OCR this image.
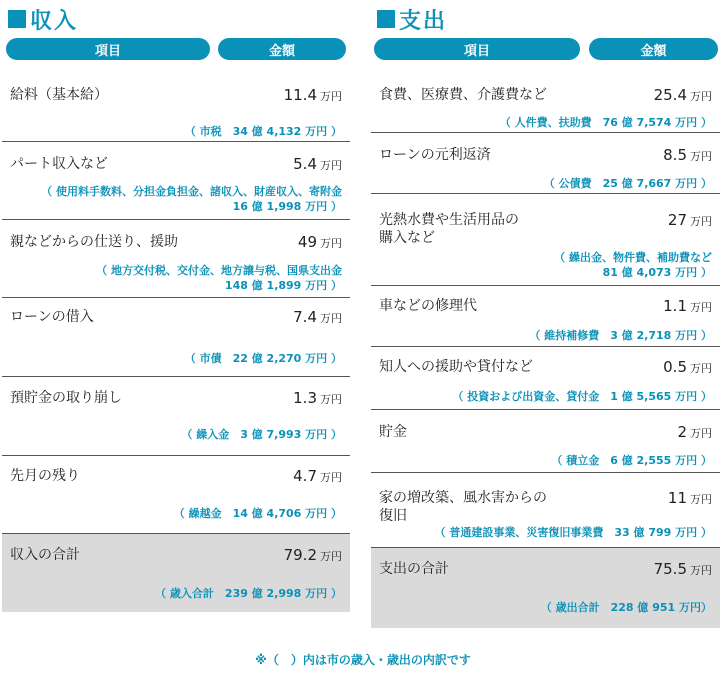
収入
項目	金額
給料（基本給）	11.4 万円
（ 市税　34 億 4,132 万円 ）
パート収入など	5.4 万円
（ 使用料手数料、分担金負担金、諸収入、財産収入、寄附金
16 億 1,998 万円 ）
親などからの仕送り、援助	49 万円
（ 地方交付税、交付金、地方譲与税、国県支出金
148 億 1,899 万円 ）
ローンの借入	7.4 万円
（ 市債　22 億 2,270 万円 ）
預貯金の取り崩し	1.3 万円
（ 繰入金　3 億 7,993 万円 ）
先月の残り	4.7 万円
（ 繰越金　14 億 4,706 万円 ）
収入の合計	79.2 万円
（ 歳入合計　239 億 2,998 万円 ）
支出
項目	金額
食費、医療費、介護費など	25.4 万円
（ 人件費、扶助費　76 億 7,574 万円 ）
ローンの元利返済	8.5 万円
（ 公債費　25 億 7,667 万円 ）
光熱水費や生活用品の
購入など
27 万円
（ 繰出金、物件費、補助費など
81 億 4,073 万円 ）
車などの修理代	1.1 万円
（ 維持補修費　3 億 2,718 万円 ）
知人への援助や貸付など	0.5 万円
（ 投資および出資金、貸付金　1 億 5,565 万円 ）
貯金	2 万円
（ 積立金　6 億 2,555 万円 ）
家の増改築、風水害からの
復旧
11 万円
（ 普通建設事業、災害復旧事業費　33 億 799 万円 ）
支出の合計	75.5 万円
（ 歳出合計　228 億 951 万円）
※（　）内は市の歳入・歳出の内訳です
